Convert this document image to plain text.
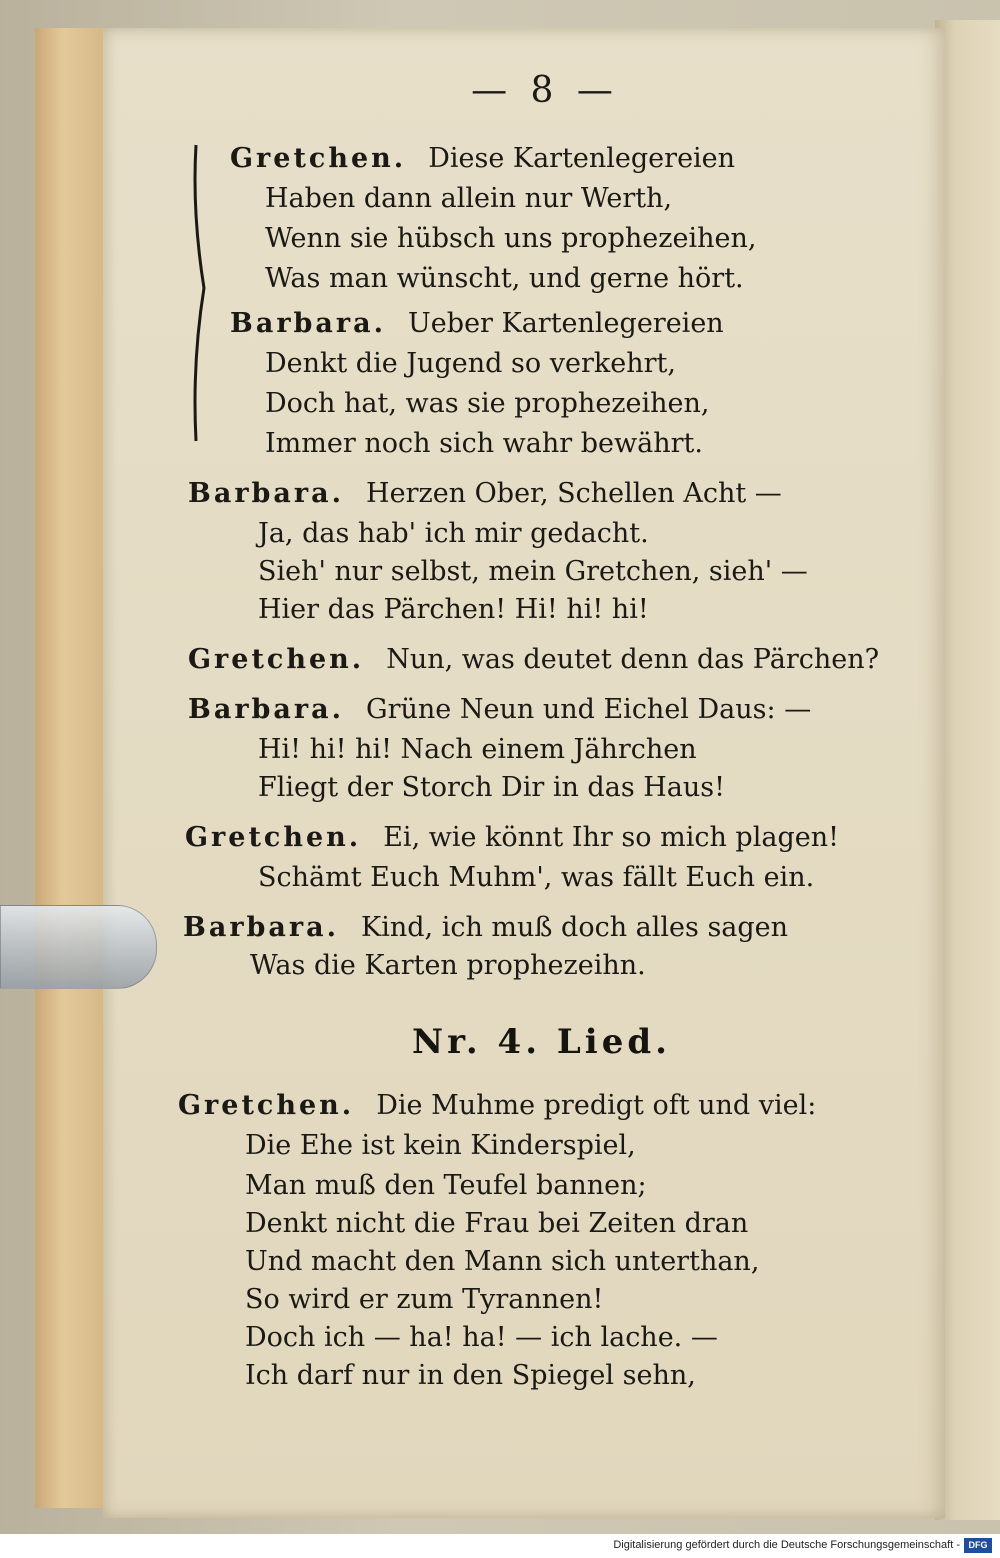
— 8 —
Gretchen. Diese Kartenlegereien
Haben dann allein nur Werth,
Wenn sie hübsch uns prophezeihen,
Was man wünscht, und gerne hört.
Barbara. Ueber Kartenlegereien
Denkt die Jugend so verkehrt,
Doch hat, was sie prophezeihen,
Immer noch sich wahr bewährt.
Barbara. Herzen Ober, Schellen Acht —
Ja, das hab' ich mir gedacht.
Sieh' nur selbst, mein Gretchen, sieh' —
Hier das Pärchen! Hi! hi! hi!
Gretchen. Nun, was deutet denn das Pärchen?
Barbara. Grüne Neun und Eichel Daus: —
Hi! hi! hi! Nach einem Jährchen
Fliegt der Storch Dir in das Haus!
Gretchen. Ei, wie könnt Ihr so mich plagen!
Schämt Euch Muhm', was fällt Euch ein.
Barbara. Kind, ich muß doch alles sagen
Was die Karten prophezeihn.
Nr. 4. Lied.
Gretchen. Die Muhme predigt oft und viel:
Die Ehe ist kein Kinderspiel,
Man muß den Teufel bannen;
Denkt nicht die Frau bei Zeiten dran
Und macht den Mann sich unterthan,
So wird er zum Tyrannen!
Doch ich — ha! ha! — ich lache. —
Ich darf nur in den Spiegel sehn,
Digitalisierung gefördert durch die Deutsche Forschungsgemeinschaft - DFG
